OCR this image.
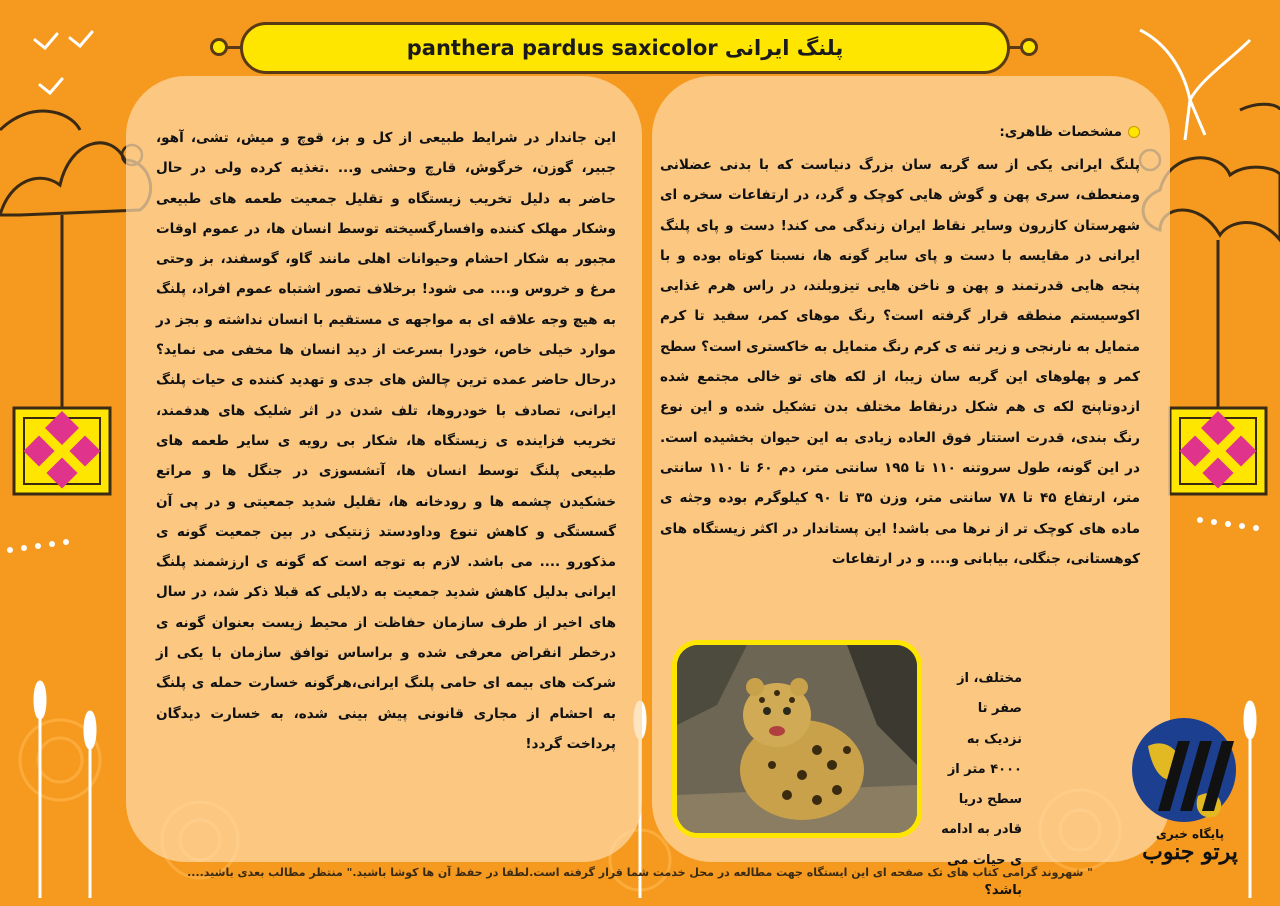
panthera pardus saxicolor پلنگ ایرانی
مشخصات ظاهری:

پلنگ ایرانی یکی از سه گربه سان بزرگ دنیاست که با بدنی عضلانی ومنعطف، سری پهن و گوش هایی کوچک و گرد، در ارتفاعات سخره ای شهرستان کازرون وسایر نقاط ایران زندگی می کند! دست و پای پلنگ ایرانی در مقایسه با دست و پای سایر گونه ها، نسبتا کوتاه بوده و با پنجه هایی قدرتمند و پهن و ناخن هایی تیزوبلند، در راس هرم غذایی اکوسیستم منطقه قرار گرفته است؟ رنگ موهای کمر، سفید تا کرم متمایل به نارنجی و زیر تنه ی کرم رنگ متمایل به خاکستری است؟ سطح کمر و پهلوهای این گربه سان زیبا، از لکه های تو خالی مجتمع شده ازدوتاپنج لکه ی هم شکل درنقاط مختلف بدن تشکیل شده و این نوع رنگ بندی، قدرت استتار فوق العاده زیادی به این حیوان بخشیده است. در این گونه، طول سروتنه ۱۱۰ تا ۱۹۵ سانتی متر، دم ۶۰ تا ۱۱۰ سانتی متر، ارتفاع ۴۵ تا ۷۸ سانتی متر، وزن ۳۵ تا ۹۰ کیلوگرم بوده وجثه ی ماده های کوچک تر از نرها می باشد! این پستاندار در اکثر زیستگاه های کوهستانی، جنگلی، بیابانی و.... و در ارتفاعات

مختلف، از صفر تا نزدیک به ۴۰۰۰ متر از سطح دریا قادر به ادامه ی حیات می باشد؟

این جاندار در شرایط طبیعی از کل و بز، قوچ و میش، تشی، آهو، جبیر، گوزن، خرگوش، قارچ وحشی و... .تغذیه کرده ولی در حال حاضر به دلیل تخریب زیستگاه و تقلیل جمعیت طعمه های طبیعی وشکار مهلک کننده وافسارگسیخته توسط انسان ها، در عموم اوقات مجبور به شکار احشام وحیوانات اهلی مانند گاو، گوسفند، بز وحتی مرغ و خروس و.... می شود! برخلاف تصور اشتباه عموم افراد، پلنگ به هیچ وجه علاقه ای به مواجهه ی مستقیم با انسان نداشته و بجز در موارد خیلی خاص، خودرا بسرعت از دید انسان ها مخفی می نماید؟ درحال حاضر عمده ترین چالش های جدی و تهدید کننده ی حیات پلنگ ایرانی، تصادف با خودروها، تلف شدن در اثر شلیک های هدفمند، تخریب فزاینده ی زیستگاه ها، شکار بی رویه ی سایر طعمه های طبیعی پلنگ توسط انسان ها، آتشسوزی در جنگل ها و مراتع خشکیدن چشمه ها و رودخانه ها، تقلیل شدید جمعیتی و در پی آن گسستگی و کاهش تنوع وداودستد ژنتیکی در بین جمعیت گونه ی مذکورو .... می باشد. لازم به توجه است که گونه ی ارزشمند پلنگ ایرانی بدلیل کاهش شدید جمعیت به دلایلی که قبلا ذکر شد، در سال های اخیر از طرف سازمان حفاظت از محیط زیست بعنوان گونه ی درخطر انقراض معرفی شده و براساس توافق سازمان با یکی از شرکت های بیمه ای حامی پلنگ ایرانی،هرگونه خسارت حمله ی پلنگ به احشام از مجاری قانونی پیش بینی شده، به خسارت دیدگان پرداخت گردد!

" شهروند گرامی کتاب های تک صفحه ای این ایستگاه جهت مطالعه در محل خدمت شما قرار گرفته است.لطفا در حفظ آن ها کوشا باشید." منتظر مطالب بعدی باشید....
پایگاه خبری
پرتو جنوب
